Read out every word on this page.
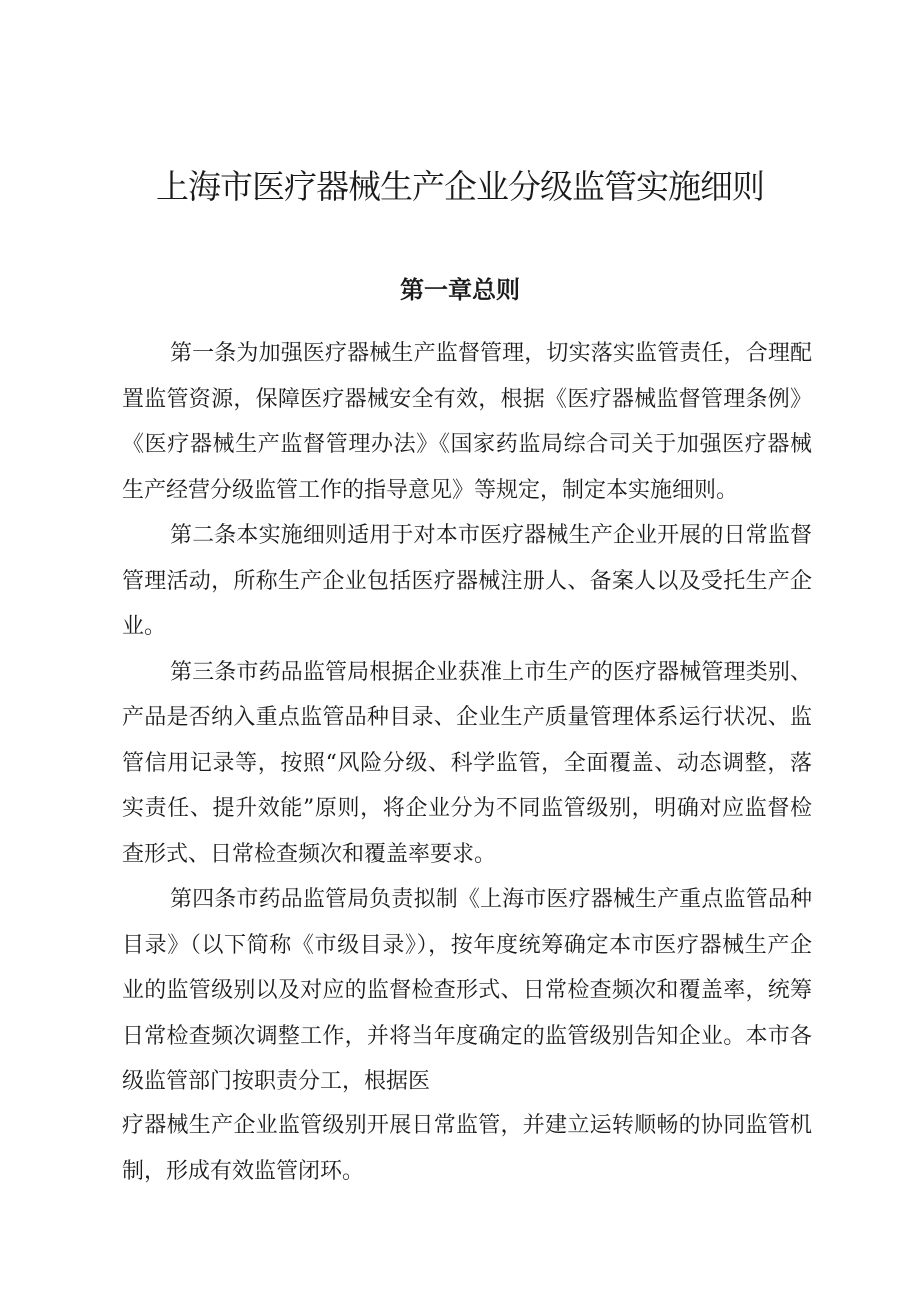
上海市医疗器械生产企业分级监管实施细则
第一章总则

第一条为加强医疗器械生产监督管理，切实落实监管责任，合理配置监管资源，保障医疗器械安全有效，根据《医疗器械监督管理条例》《医疗器械生产监督管理办法》《国家药监局综合司关于加强医疗器械生产经营分级监管工作的指导意见》等规定，制定本实施细则。

第二条本实施细则适用于对本市医疗器械生产企业开展的日常监督管理活动，所称生产企业包括医疗器械注册人、备案人以及受托生产企业。

第三条市药品监管局根据企业获准上市生产的医疗器械管理类别、产品是否纳入重点监管品种目录、企业生产质量管理体系运行状况、监管信用记录等，按照“风险分级、科学监管，全面覆盖、动态调整，落实责任、提升效能”原则，将企业分为不同监管级别，明确对应监督检查形式、日常检查频次和覆盖率要求。

第四条市药品监管局负责拟制《上海市医疗器械生产重点监管品种目录》（以下简称《市级目录》），按年度统筹确定本市医疗器械生产企业的监管级别以及对应的监督检查形式、日常检查频次和覆盖率，统筹日常检查频次调整工作，并将当年度确定的监管级别告知企业。本市各级监管部门按职责分工，根据医

疗器械生产企业监管级别开展日常监管，并建立运转顺畅的协同监管机制，形成有效监管闭环。
